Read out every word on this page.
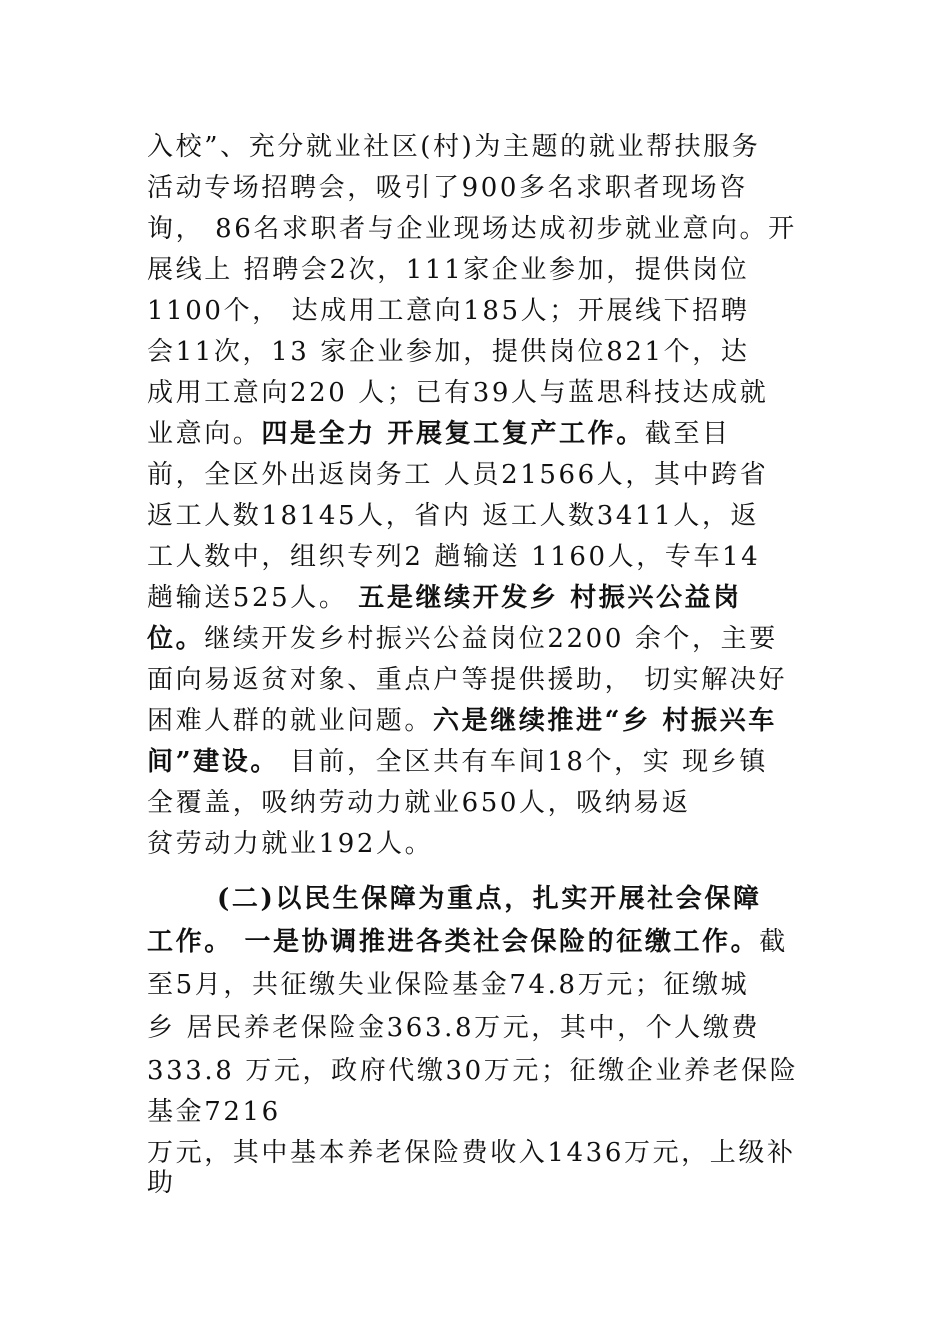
入校”、充分就业社区(村)为主题的就业帮扶服务
活动专场招聘会，吸引了900多名求职者现场咨
询， 86名求职者与企业现场达成初步就业意向。开
展线上 招聘会2次，111家企业参加，提供岗位
1100个， 达成用工意向185人；开展线下招聘
会11次，13 家企业参加，提供岗位821个，达
成用工意向220 人；已有39人与蓝思科技达成就
业意向。四是全力 开展复工复产工作。截至目
前，全区外出返岗务工 人员21566人，其中跨省
返工人数18145人，省内 返工人数3411人，返
工人数中，组织专列2 趟输送 1160人，专车14
趟输送525人。 五是继续开发乡 村振兴公益岗
位。继续开发乡村振兴公益岗位2200 余个，主要
面向易返贫对象、重点户等提供援助， 切实解决好
困难人群的就业问题。六是继续推进“乡 村振兴车
间”建设。 目前，全区共有车间18个，实 现乡镇
全覆盖，吸纳劳动力就业650人，吸纳易返
贫劳动力就业192人。
(二)以民生保障为重点，扎实开展社会保障
工作。 一是协调推进各类社会保险的征缴工作。截
至5月，共征缴失业保险基金74.8万元；征缴城
乡 居民养老保险金363.8万元，其中，个人缴费
333.8 万元，政府代缴30万元；征缴企业养老保险
基金7216
万元，其中基本养老保险费收入1436万元，上级补
助
